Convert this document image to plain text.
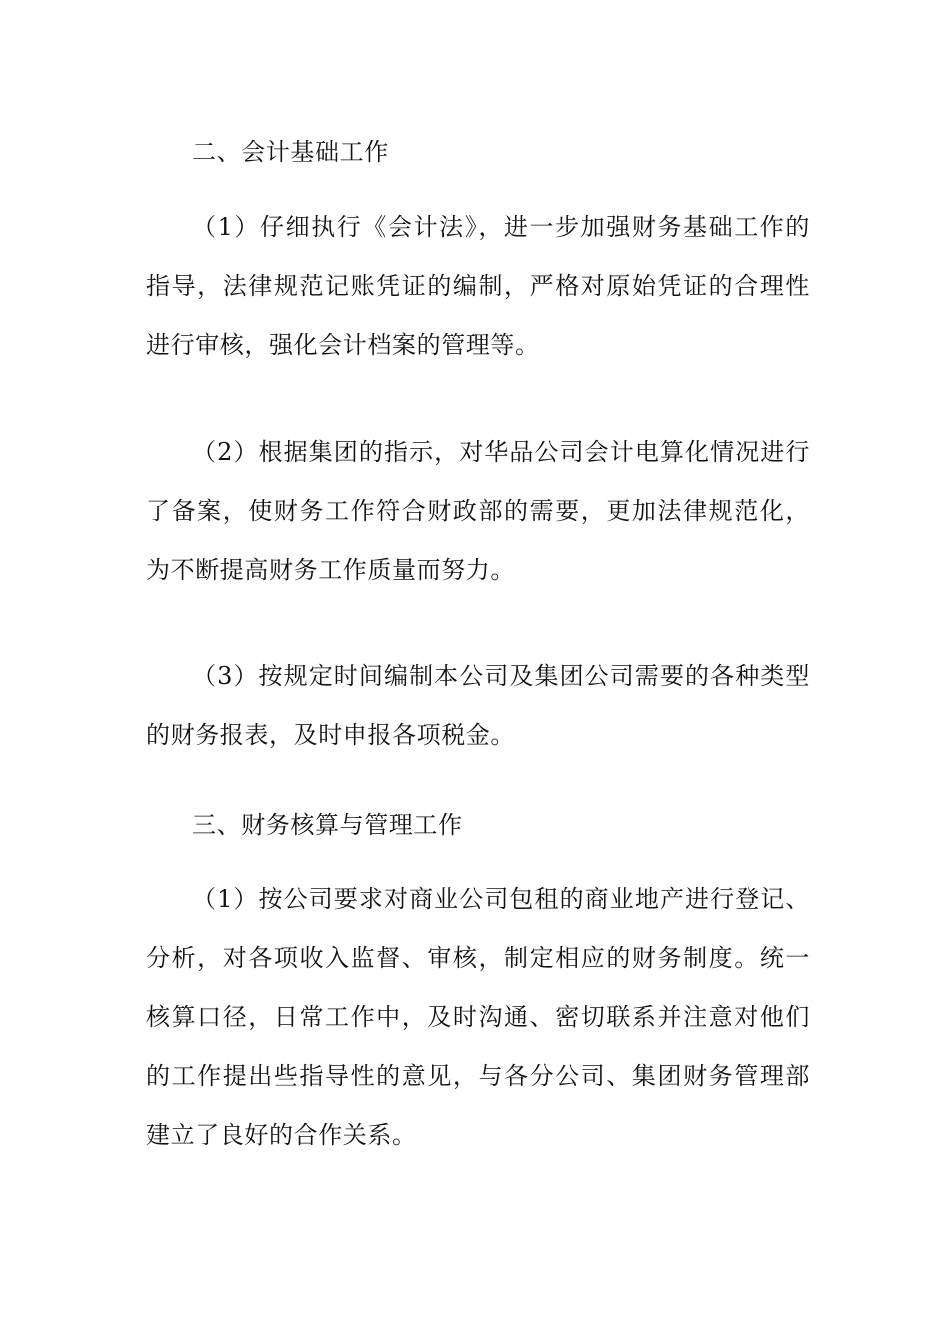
二、会计基础工作

（1）仔细执行《会计法》，进一步加强财务基础工作的指导，法律规范记账凭证的编制，严格对原始凭证的合理性进行审核，强化会计档案的管理等。

（2）根据集团的指示，对华品公司会计电算化情况进行了备案，使财务工作符合财政部的需要，更加法律规范化，为不断提高财务工作质量而努力。

（3）按规定时间编制本公司及集团公司需要的各种类型的财务报表，及时申报各项税金。

三、财务核算与管理工作

（1）按公司要求对商业公司包租的商业地产进行登记、分析，对各项收入监督、审核，制定相应的财务制度。统一核算口径，日常工作中，及时沟通、密切联系并注意对他们的工作提出些指导性的意见，与各分公司、集团财务管理部建立了良好的合作关系。
